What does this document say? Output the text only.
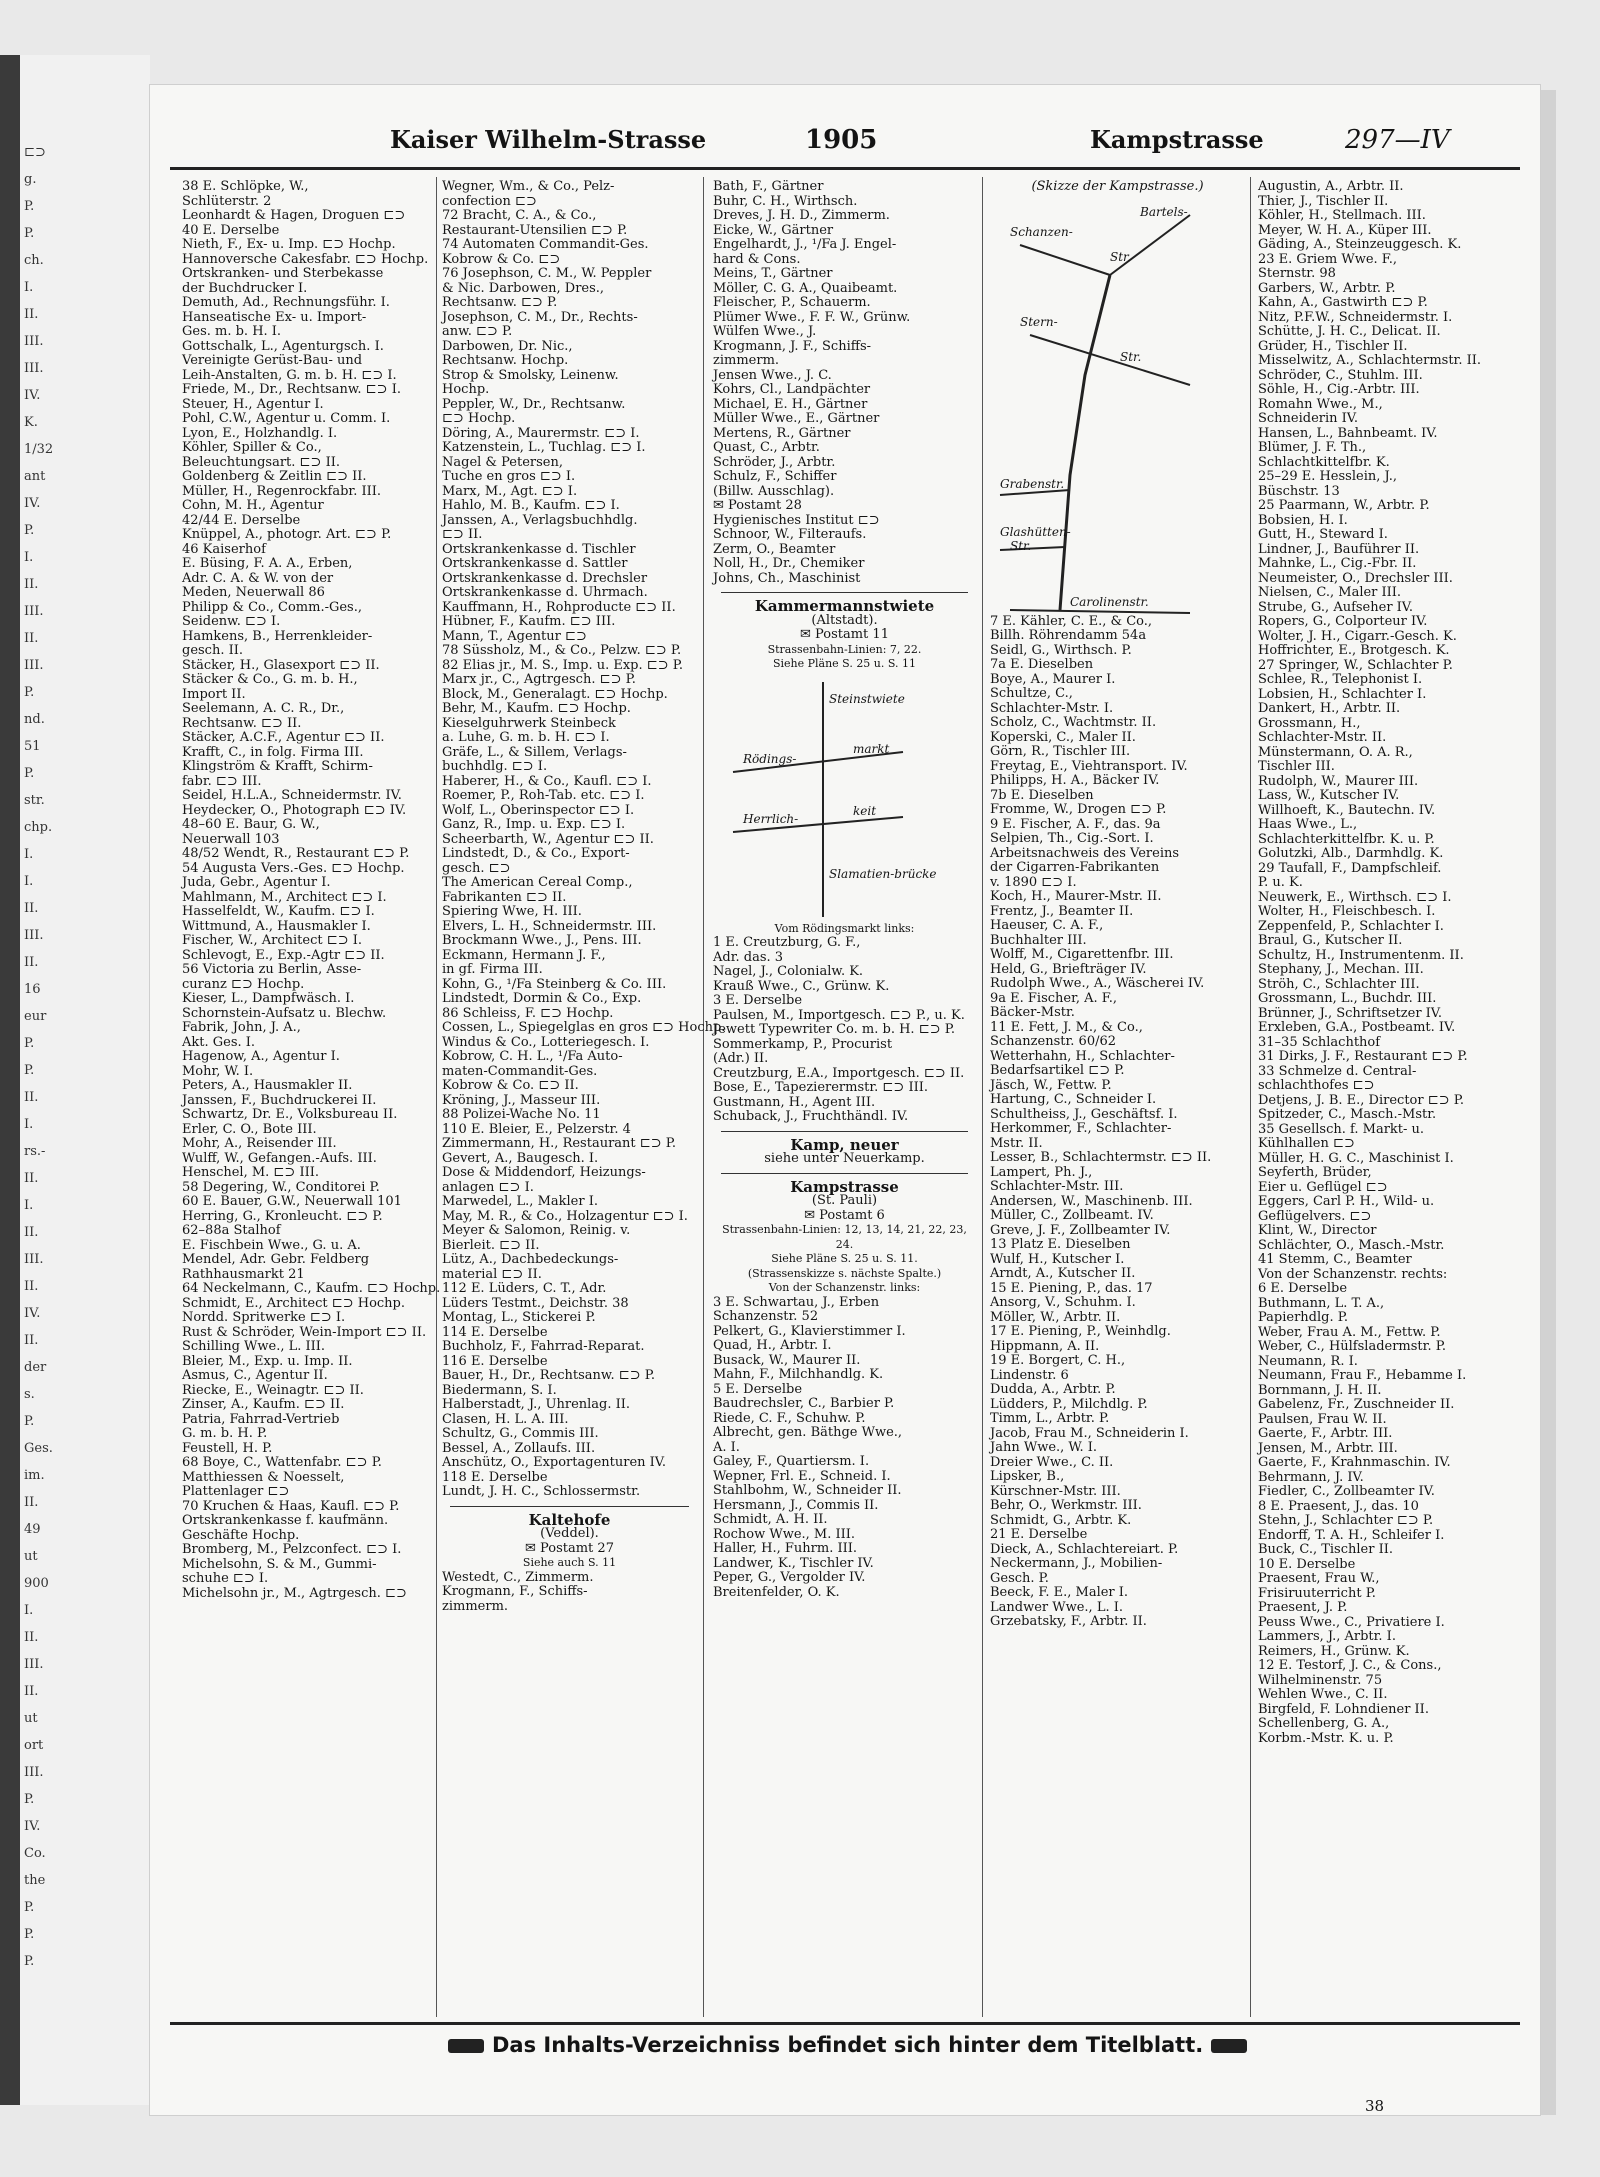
⊏⊃
g.
P.
P.
ch.
I.
II.
III.
III.
IV.
K.
1/32
ant
IV.
P.
I.
II.
III.
II.
III.
P.
nd.
51
P.
str.
chp.
I.
I.
II.
III.
II.
16
eur
P.
P.
II.
I.
rs.-
II.
I.
II.
III.
II.
IV.
II.
der
s.
P.
Ges.
im.
II.
49
ut
900
I.
II.
III.
II.
ut
ort
III.
P.
IV.
Co.
the
P.
P.
P.
Kaiser Wilhelm-Strasse	1905	Kampstrasse	297—IV
38 E. Schlöpke, W.,
Schlüterstr. 2
Leonhardt & Hagen, Droguen ⊏⊃
40 E. Derselbe
Nieth, F., Ex- u. Imp. ⊏⊃ Hochp.
Hannoversche Cakesfabr. ⊏⊃ Hochp.
Ortskranken- und Sterbekasse
der Buchdrucker I.
Demuth, Ad., Rechnungsführ. I.
Hanseatische Ex- u. Import-
Ges. m. b. H. I.
Gottschalk, L., Agenturgsch. I.
Vereinigte Gerüst-Bau- und
Leih-Anstalten, G. m. b. H. ⊏⊃ I.
Friede, M., Dr., Rechtsanw. ⊏⊃ I.
Steuer, H., Agentur I.
Pohl, C.W., Agentur u. Comm. I.
Lyon, E., Holzhandlg. I.
Köhler, Spiller & Co.,
Beleuchtungsart. ⊏⊃ II.
Goldenberg & Zeitlin ⊏⊃ II.
Müller, H., Regenrockfabr. III.
Cohn, M. H., Agentur
42/44 E. Derselbe
Knüppel, A., photogr. Art. ⊏⊃ P.
46 Kaiserhof
E. Büsing, F. A. A., Erben,
Adr. C. A. & W. von der
Meden, Neuerwall 86
Philipp & Co., Comm.-Ges.,
Seidenw. ⊏⊃ I.
Hamkens, B., Herrenkleider-
gesch. II.
Stäcker, H., Glasexport ⊏⊃ II.
Stäcker & Co., G. m. b. H.,
Import II.
Seelemann, A. C. R., Dr.,
Rechtsanw. ⊏⊃ II.
Stäcker, A.C.F., Agentur ⊏⊃ II.
Krafft, C., in folg. Firma III.
Klingström & Krafft, Schirm-
fabr. ⊏⊃ III.
Seidel, H.L.A., Schneidermstr. IV.
Heydecker, O., Photograph ⊏⊃ IV.
48–60 E. Baur, G. W.,
Neuerwall 103
48/52 Wendt, R., Restaurant ⊏⊃ P.
54 Augusta Vers.-Ges. ⊏⊃ Hochp.
Juda, Gebr., Agentur I.
Mahlmann, M., Architect ⊏⊃ I.
Hasselfeldt, W., Kaufm. ⊏⊃ I.
Wittmund, A., Hausmakler I.
Fischer, W., Architect ⊏⊃ I.
Schlevogt, E., Exp.-Agtr ⊏⊃ II.
56 Victoria zu Berlin, Asse-
curanz ⊏⊃ Hochp.
Kieser, L., Dampfwäsch. I.
Schornstein-Aufsatz u. Blechw.
Fabrik, John, J. A.,
Akt. Ges. I.
Hagenow, A., Agentur I.
Mohr, W. I.
Peters, A., Hausmakler II.
Janssen, F., Buchdruckerei II.
Schwartz, Dr. E., Volksbureau II.
Erler, C. O., Bote III.
Mohr, A., Reisender III.
Wulff, W., Gefangen.-Aufs. III.
Henschel, M. ⊏⊃ III.
58 Degering, W., Conditorei P.
60 E. Bauer, G.W., Neuerwall 101
Herring, G., Kronleucht. ⊏⊃ P.
62–88a Stalhof
E. Fischbein Wwe., G. u. A.
Mendel, Adr. Gebr. Feldberg
Rathhausmarkt 21
64 Neckelmann, C., Kaufm. ⊏⊃ Hochp.
Schmidt, E., Architect ⊏⊃ Hochp.
Nordd. Spritwerke ⊏⊃ I.
Rust & Schröder, Wein-Import ⊏⊃ II.
Schilling Wwe., L. III.
Bleier, M., Exp. u. Imp. II.
Asmus, C., Agentur II.
Riecke, E., Weinagtr. ⊏⊃ II.
Zinser, A., Kaufm. ⊏⊃ II.
Patria, Fahrrad-Vertrieb
G. m. b. H. P.
Feustell, H. P.
68 Boye, C., Wattenfabr. ⊏⊃ P.
Matthiessen & Noesselt,
Plattenlager ⊏⊃
70 Kruchen & Haas, Kaufl. ⊏⊃ P.
Ortskrankenkasse f. kaufmänn.
Geschäfte Hochp.
Bromberg, M., Pelzconfect. ⊏⊃ I.
Michelsohn, S. & M., Gummi-
schuhe ⊏⊃ I.
Michelsohn jr., M., Agtrgesch. ⊏⊃
Wegner, Wm., & Co., Pelz-
confection ⊏⊃
72 Bracht, C. A., & Co.,
Restaurant-Utensilien ⊏⊃ P.
74 Automaten Commandit-Ges.
Kobrow & Co. ⊏⊃
76 Josephson, C. M., W. Peppler
& Nic. Darbowen, Dres.,
Rechtsanw. ⊏⊃ P.
Josephson, C. M., Dr., Rechts-
anw. ⊏⊃ P.
Darbowen, Dr. Nic.,
Rechtsanw. Hochp.
Strop & Smolsky, Leinenw.
Hochp.
Peppler, W., Dr., Rechtsanw.
⊏⊃ Hochp.
Döring, A., Maurermstr. ⊏⊃ I.
Katzenstein, L., Tuchlag. ⊏⊃ I.
Nagel & Petersen,
Tuche en gros ⊏⊃ I.
Marx, M., Agt. ⊏⊃ I.
Hahlo, M. B., Kaufm. ⊏⊃ I.
Janssen, A., Verlagsbuchhdlg.
⊏⊃ II.
Ortskrankenkasse d. Tischler
Ortskrankenkasse d. Sattler
Ortskrankenkasse d. Drechsler
Ortskrankenkasse d. Uhrmach.
Kauffmann, H., Rohproducte ⊏⊃ II.
Hübner, F., Kaufm. ⊏⊃ III.
Mann, T., Agentur ⊏⊃
78 Süssholz, M., & Co., Pelzw. ⊏⊃ P.
82 Elias jr., M. S., Imp. u. Exp. ⊏⊃ P.
Marx jr., C., Agtrgesch. ⊏⊃ P.
Block, M., Generalagt. ⊏⊃ Hochp.
Behr, M., Kaufm. ⊏⊃ Hochp.
Kieselguhrwerk Steinbeck
a. Luhe, G. m. b. H. ⊏⊃ I.
Gräfe, L., & Sillem, Verlags-
buchhdlg. ⊏⊃ I.
Haberer, H., & Co., Kaufl. ⊏⊃ I.
Roemer, P., Roh-Tab. etc. ⊏⊃ I.
Wolf, L., Oberinspector ⊏⊃ I.
Ganz, R., Imp. u. Exp. ⊏⊃ I.
Scheerbarth, W., Agentur ⊏⊃ II.
Lindstedt, D., & Co., Export-
gesch. ⊏⊃
The American Cereal Comp.,
Fabrikanten ⊏⊃ II.
Spiering Wwe, H. III.
Elvers, L. H., Schneidermstr. III.
Brockmann Wwe., J., Pens. III.
Eckmann, Hermann J. F.,
in gf. Firma III.
Kohn, G., ¹/Fa Steinberg & Co. III.
Lindstedt, Dormin & Co., Exp.
86 Schleiss, F. ⊏⊃ Hochp.
Cossen, L., Spiegelglas en gros ⊏⊃ Hochp.
Windus & Co., Lotteriegesch. I.
Kobrow, C. H. L., ¹/Fa Auto-
maten-Commandit-Ges.
Kobrow & Co. ⊏⊃ II.
Kröning, J., Masseur III.
88 Polizei-Wache No. 11
110 E. Bleier, E., Pelzerstr. 4
Zimmermann, H., Restaurant ⊏⊃ P.
Gevert, A., Baugesch. I.
Dose & Middendorf, Heizungs-
anlagen ⊏⊃ I.
Marwedel, L., Makler I.
May, M. R., & Co., Holzagentur ⊏⊃ I.
Meyer & Salomon, Reinig. v.
Bierleit. ⊏⊃ II.
Lütz, A., Dachbedeckungs-
material ⊏⊃ II.
112 E. Lüders, C. T., Adr.
Lüders Testmt., Deichstr. 38
Montag, L., Stickerei P.
114 E. Derselbe
Buchholz, F., Fahrrad-Reparat.
116 E. Derselbe
Bauer, H., Dr., Rechtsanw. ⊏⊃ P.
Biedermann, S. I.
Halberstadt, J., Uhrenlag. II.
Clasen, H. L. A. III.
Schultz, G., Commis III.
Bessel, A., Zollaufs. III.
Anschütz, O., Exportagenturen IV.
118 E. Derselbe
Lundt, J. H. C., Schlossermstr.
Kaltehofe
(Veddel).
✉ Postamt 27
Siehe auch S. 11
Westedt, C., Zimmerm.
Krogmann, F., Schiffs-
zimmerm.
Bath, F., Gärtner
Buhr, C. H., Wirthsch.
Dreves, J. H. D., Zimmerm.
Eicke, W., Gärtner
Engelhardt, J., ¹/Fa J. Engel-
hard & Cons.
Meins, T., Gärtner
Möller, C. G. A., Quaibeamt.
Fleischer, P., Schauerm.
Plümer Wwe., F. F. W., Grünw.
Wülfen Wwe., J.
Krogmann, J. F., Schiffs-
zimmerm.
Jensen Wwe., J. C.
Kohrs, Cl., Landpächter
Michael, E. H., Gärtner
Müller Wwe., E., Gärtner
Mertens, R., Gärtner
Quast, C., Arbtr.
Schröder, J., Arbtr.
Schulz, F., Schiffer
(Billw. Ausschlag).
✉ Postamt 28
Hygienisches Institut ⊏⊃
Schnoor, W., Filteraufs.
Zerm, O., Beamter
Noll, H., Dr., Chemiker
Johns, Ch., Maschinist
Kammermannstwiete
(Altstadt).
✉ Postamt 11
Strassenbahn-Linien: 7, 22.
Siehe Pläne S. 25 u. S. 11
Steinstwiete
Rödings-
markt
Herrlich-
keit
Slamatien-brücke
Vom Rödingsmarkt links:
1 E. Creutzburg, G. F.,
Adr. das. 3
Nagel, J., Colonialw. K.
Krauß Wwe., C., Grünw. K.
3 E. Derselbe
Paulsen, M., Importgesch. ⊏⊃ P., u. K.
Jewett Typewriter Co. m. b. H. ⊏⊃ P.
Sommerkamp, P., Procurist
(Adr.) II.
Creutzburg, E.A., Importgesch. ⊏⊃ II.
Bose, E., Tapezierermstr. ⊏⊃ III.
Gustmann, H., Agent III.
Schuback, J., Fruchthändl. IV.
Kamp, neuer
siehe unter Neuerkamp.
Kampstrasse
(St. Pauli)
✉ Postamt 6
Strassenbahn-Linien: 12, 13, 14, 21, 22, 23, 24.
Siehe Pläne S. 25 u. S. 11.
(Strassenskizze s. nächste Spalte.)
Von der Schanzenstr. links:
3 E. Schwartau, J., Erben
Schanzenstr. 52
Pelkert, G., Klavierstimmer I.
Quad, H., Arbtr. I.
Busack, W., Maurer II.
Mahn, F., Milchhandlg. K.
5 E. Derselbe
Baudrechsler, C., Barbier P.
Riede, C. F., Schuhw. P.
Albrecht, gen. Bäthge Wwe.,
A. I.
Galey, F., Quartiersm. I.
Wepner, Frl. E., Schneid. I.
Stahlbohm, W., Schneider II.
Hersmann, J., Commis II.
Schmidt, A. H. II.
Rochow Wwe., M. III.
Haller, H., Fuhrm. III.
Landwer, K., Tischler IV.
Peper, G., Vergolder IV.
Breitenfelder, O. K.
(Skizze der Kampstrasse.)
Schanzen-
Bartels-
Str.
Stern-
Str.
Grabenstr.
Glashütten-
Str.
Carolinenstr.
7 E. Kähler, C. E., & Co.,
Billh. Röhrendamm 54a
Seidl, G., Wirthsch. P.
7a E. Dieselben
Boye, A., Maurer I.
Schultze, C.,
Schlachter-Mstr. I.
Scholz, C., Wachtmstr. II.
Koperski, C., Maler II.
Görn, R., Tischler III.
Freytag, E., Viehtransport. IV.
Philipps, H. A., Bäcker IV.
7b E. Dieselben
Fromme, W., Drogen ⊏⊃ P.
9 E. Fischer, A. F., das. 9a
Selpien, Th., Cig.-Sort. I.
Arbeitsnachweis des Vereins
der Cigarren-Fabrikanten
v. 1890 ⊏⊃ I.
Koch, H., Maurer-Mstr. II.
Frentz, J., Beamter II.
Haeuser, C. A. F.,
Buchhalter III.
Wolff, M., Cigarettenfbr. III.
Held, G., Briefträger IV.
Rudolph Wwe., A., Wäscherei IV.
9a E. Fischer, A. F.,
Bäcker-Mstr.
11 E. Fett, J. M., & Co.,
Schanzenstr. 60/62
Wetterhahn, H., Schlachter-
Bedarfsartikel ⊏⊃ P.
Jäsch, W., Fettw. P.
Hartung, C., Schneider I.
Schultheiss, J., Geschäftsf. I.
Herkommer, F., Schlachter-
Mstr. II.
Lesser, B., Schlachtermstr. ⊏⊃ II.
Lampert, Ph. J.,
Schlachter-Mstr. III.
Andersen, W., Maschinenb. III.
Müller, C., Zollbeamt. IV.
Greve, J. F., Zollbeamter IV.
13 Platz E. Dieselben
Wulf, H., Kutscher I.
Arndt, A., Kutscher II.
15 E. Piening, P., das. 17
Ansorg, V., Schuhm. I.
Möller, W., Arbtr. II.
17 E. Piening, P., Weinhdlg.
Hippmann, A. II.
19 E. Borgert, C. H.,
Lindenstr. 6
Dudda, A., Arbtr. P.
Lüdders, P., Milchdlg. P.
Timm, L., Arbtr. P.
Jacob, Frau M., Schneiderin I.
Jahn Wwe., W. I.
Dreier Wwe., C. II.
Lipsker, B.,
Kürschner-Mstr. III.
Behr, O., Werkmstr. III.
Schmidt, G., Arbtr. K.
21 E. Derselbe
Dieck, A., Schlachtereiart. P.
Neckermann, J., Mobilien-
Gesch. P.
Beeck, F. E., Maler I.
Landwer Wwe., L. I.
Grzebatsky, F., Arbtr. II.
Augustin, A., Arbtr. II.
Thier, J., Tischler II.
Köhler, H., Stellmach. III.
Meyer, W. H. A., Küper III.
Gäding, A., Steinzeuggesch. K.
23 E. Griem Wwe. F.,
Sternstr. 98
Garbers, W., Arbtr. P.
Kahn, A., Gastwirth ⊏⊃ P.
Nitz, P.F.W., Schneidermstr. I.
Schütte, J. H. C., Delicat. II.
Grüder, H., Tischler II.
Misselwitz, A., Schlachtermstr. II.
Schröder, C., Stuhlm. III.
Söhle, H., Cig.-Arbtr. III.
Romahn Wwe., M.,
Schneiderin IV.
Hansen, L., Bahnbeamt. IV.
Blümer, J. F. Th.,
Schlachtkittelfbr. K.
25–29 E. Hesslein, J.,
Büschstr. 13
25 Paarmann, W., Arbtr. P.
Bobsien, H. I.
Gutt, H., Steward I.
Lindner, J., Bauführer II.
Mahnke, L., Cig.-Fbr. II.
Neumeister, O., Drechsler III.
Nielsen, C., Maler III.
Strube, G., Aufseher IV.
Ropers, G., Colporteur IV.
Wolter, J. H., Cigarr.-Gesch. K.
Hoffrichter, E., Brotgesch. K.
27 Springer, W., Schlachter P.
Schlee, R., Telephonist I.
Lobsien, H., Schlachter I.
Dankert, H., Arbtr. II.
Grossmann, H.,
Schlachter-Mstr. II.
Münstermann, O. A. R.,
Tischler III.
Rudolph, W., Maurer III.
Lass, W., Kutscher IV.
Willhoeft, K., Bautechn. IV.
Haas Wwe., L.,
Schlachterkittelfbr. K. u. P.
Golutzki, Alb., Darmhdlg. K.
29 Taufall, F., Dampfschleif.
P. u. K.
Neuwerk, E., Wirthsch. ⊏⊃ I.
Wolter, H., Fleischbesch. I.
Zeppenfeld, P., Schlachter I.
Braul, G., Kutscher II.
Schultz, H., Instrumentenm. II.
Stephany, J., Mechan. III.
Ströh, C., Schlachter III.
Grossmann, L., Buchdr. III.
Brünner, J., Schriftsetzer IV.
Erxleben, G.A., Postbeamt. IV.
31–35 Schlachthof
31 Dirks, J. F., Restaurant ⊏⊃ P.
33 Schmelze d. Central-
schlachthofes ⊏⊃
Detjens, J. B. E., Director ⊏⊃ P.
Spitzeder, C., Masch.-Mstr.
35 Gesellsch. f. Markt- u.
Kühlhallen ⊏⊃
Müller, H. G. C., Maschinist I.
Seyferth, Brüder,
Eier u. Geflügel ⊏⊃
Eggers, Carl P. H., Wild- u.
Geflügelvers. ⊏⊃
Klint, W., Director
Schlächter, O., Masch.-Mstr.
41 Stemm, C., Beamter
Von der Schanzenstr. rechts:
6 E. Derselbe
Buthmann, L. T. A.,
Papierhdlg. P.
Weber, Frau A. M., Fettw. P.
Weber, C., Hülfsladermstr. P.
Neumann, R. I.
Neumann, Frau F., Hebamme I.
Bornmann, J. H. II.
Gabelenz, Fr., Zuschneider II.
Paulsen, Frau W. II.
Gaerte, F., Arbtr. III.
Jensen, M., Arbtr. III.
Gaerte, F., Krahnmaschin. IV.
Behrmann, J. IV.
Fiedler, C., Zollbeamter IV.
8 E. Praesent, J., das. 10
Stehn, J., Schlachter ⊏⊃ P.
Endorff, T. A. H., Schleifer I.
Buck, C., Tischler II.
10 E. Derselbe
Praesent, Frau W.,
Frisiruuterricht P.
Praesent, J. P.
Peuss Wwe., C., Privatiere I.
Lammers, J., Arbtr. I.
Reimers, H., Grünw. K.
12 E. Testorf, J. C., & Cons.,
Wilhelminenstr. 75
Wehlen Wwe., C. II.
Birgfeld, F. Lohndiener II.
Schellenberg, G. A.,
Korbm.-Mstr. K. u. P.
Das Inhalts-Verzeichniss befindet sich hinter dem Titelblatt.
38
